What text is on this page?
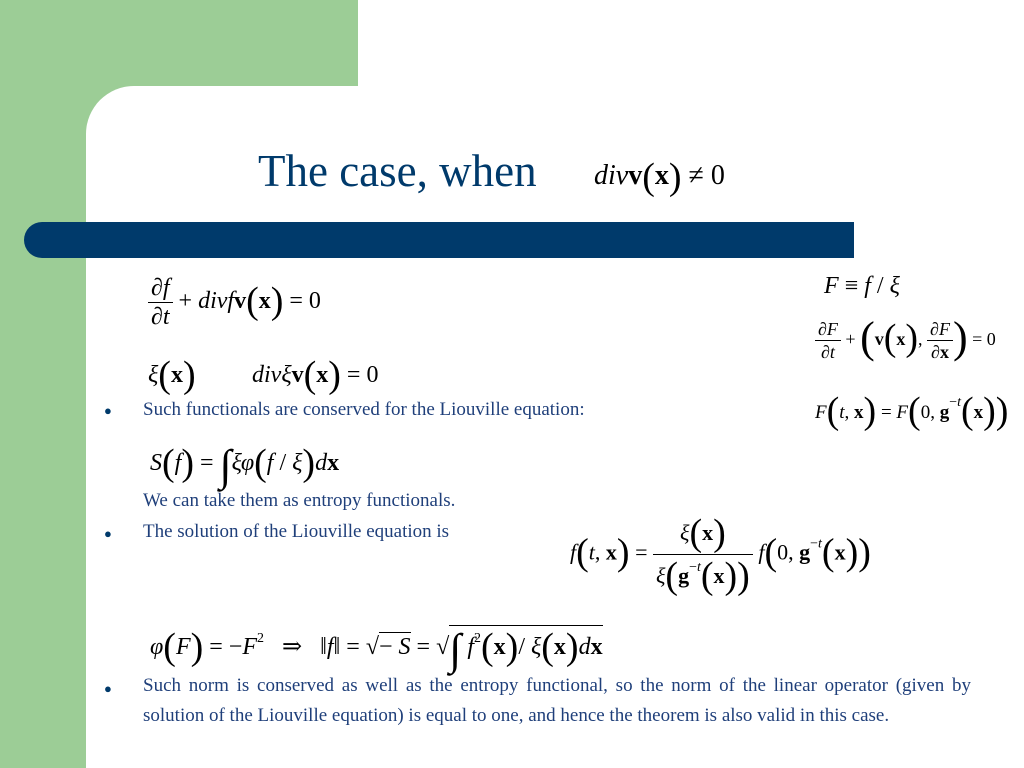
The case, when divv(x) ≠ 0
$\frac{\partial f}{\partial t}$ + divfv(x) = 0
ξ(x) divξv(x) = 0
F ≡ f / ξ
$\frac{\partial F}{\partial t} + (v(x)$, $\frac{\partial F}{\partial x}$ ) = 0
F(t, x) = F(0, $g^{-t}(x)$)
● Such functionals are conserved for the Liouville equation:
S(f) = ∫ξφ(f / ξ)dx
We can take them as entropy functionals.
● The solution of the Liouville equation is
f(t, $x) = \frac{\xi(x)}{\xi(g^{-t}(x))} f(0$, $g^{-t}(x)$)
$\varphi(F) = -F^2$   ⇒   ‖f‖ = √− S = √∫ $f^2(x)/$ ξ(x)dx
● Such norm is conserved as well as the entropy functional, so the norm of the linear operator (given by solution of the Liouville equation) is equal to one, and hence the theorem is also valid in this case.
